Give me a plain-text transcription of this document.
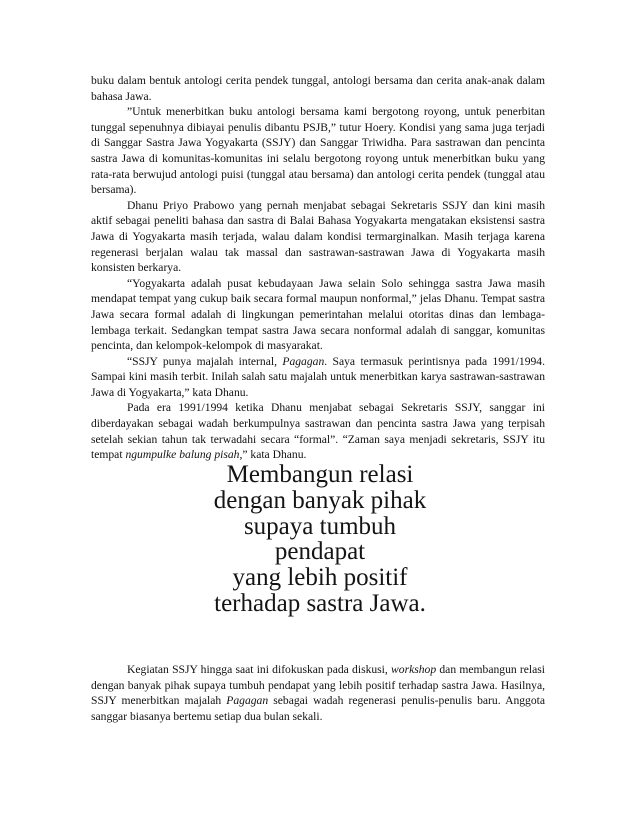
buku dalam bentuk antologi cerita pendek tunggal, antologi bersama dan cerita anak-anak dalam bahasa Jawa.

”Untuk menerbitkan buku antologi bersama kami bergotong royong, untuk penerbitan tunggal sepenuhnya dibiayai penulis dibantu PSJB,” tutur Hoery. Kondisi yang sama juga terjadi di Sanggar Sastra Jawa Yogyakarta (SSJY) dan Sanggar Triwidha. Para sastrawan dan pencinta sastra Jawa di komunitas-komunitas ini selalu bergotong royong untuk menerbitkan buku yang rata-rata berwujud antologi puisi (tunggal atau bersama) dan antologi cerita pendek (tunggal atau bersama).

Dhanu Priyo Prabowo yang pernah menjabat sebagai Sekretaris SSJY dan kini masih aktif sebagai peneliti bahasa dan sastra di Balai Bahasa Yogyakarta mengatakan eksistensi sastra Jawa di Yogyakarta masih terjada, walau dalam kondisi termarginalkan. Masih terjaga karena regenerasi berjalan walau tak massal dan sastrawan-sastrawan Jawa di Yogyakarta masih konsisten berkarya.

“Yogyakarta adalah pusat kebudayaan Jawa selain Solo sehingga sastra Jawa masih mendapat tempat yang cukup baik secara formal maupun nonformal,” jelas Dhanu. Tempat sastra Jawa secara formal adalah di lingkungan pemerintahan melalui otoritas dinas dan lembaga-lembaga terkait. Sedangkan tempat sastra Jawa secara nonformal adalah di sanggar, komunitas pencinta, dan kelompok-kelompok di masyarakat.

“SSJY punya majalah internal, Pagagan. Saya termasuk perintisnya pada 1991/1994. Sampai kini masih terbit. Inilah salah satu majalah untuk menerbitkan karya sastrawan-sastrawan Jawa di Yogyakarta,” kata Dhanu.

Pada era 1991/1994 ketika Dhanu menjabat sebagai Sekretaris SSJY, sanggar ini diberdayakan sebagai wadah berkumpulnya sastrawan dan pencinta sastra Jawa yang terpisah setelah sekian tahun tak terwadahi secara “formal”. “Zaman saya menjadi sekretaris, SSJY itu tempat ngumpulke balung pisah,” kata Dhanu.

Membangun relasi
dengan banyak pihak
supaya tumbuh
pendapat
yang lebih positif
terhadap sastra Jawa.

Kegiatan SSJY hingga saat ini difokuskan pada diskusi, workshop dan membangun relasi dengan banyak pihak supaya tumbuh pendapat yang lebih positif terhadap sastra Jawa. Hasilnya, SSJY menerbitkan majalah Pagagan sebagai wadah regenerasi penulis-penulis baru. Anggota sanggar biasanya bertemu setiap dua bulan sekali.
